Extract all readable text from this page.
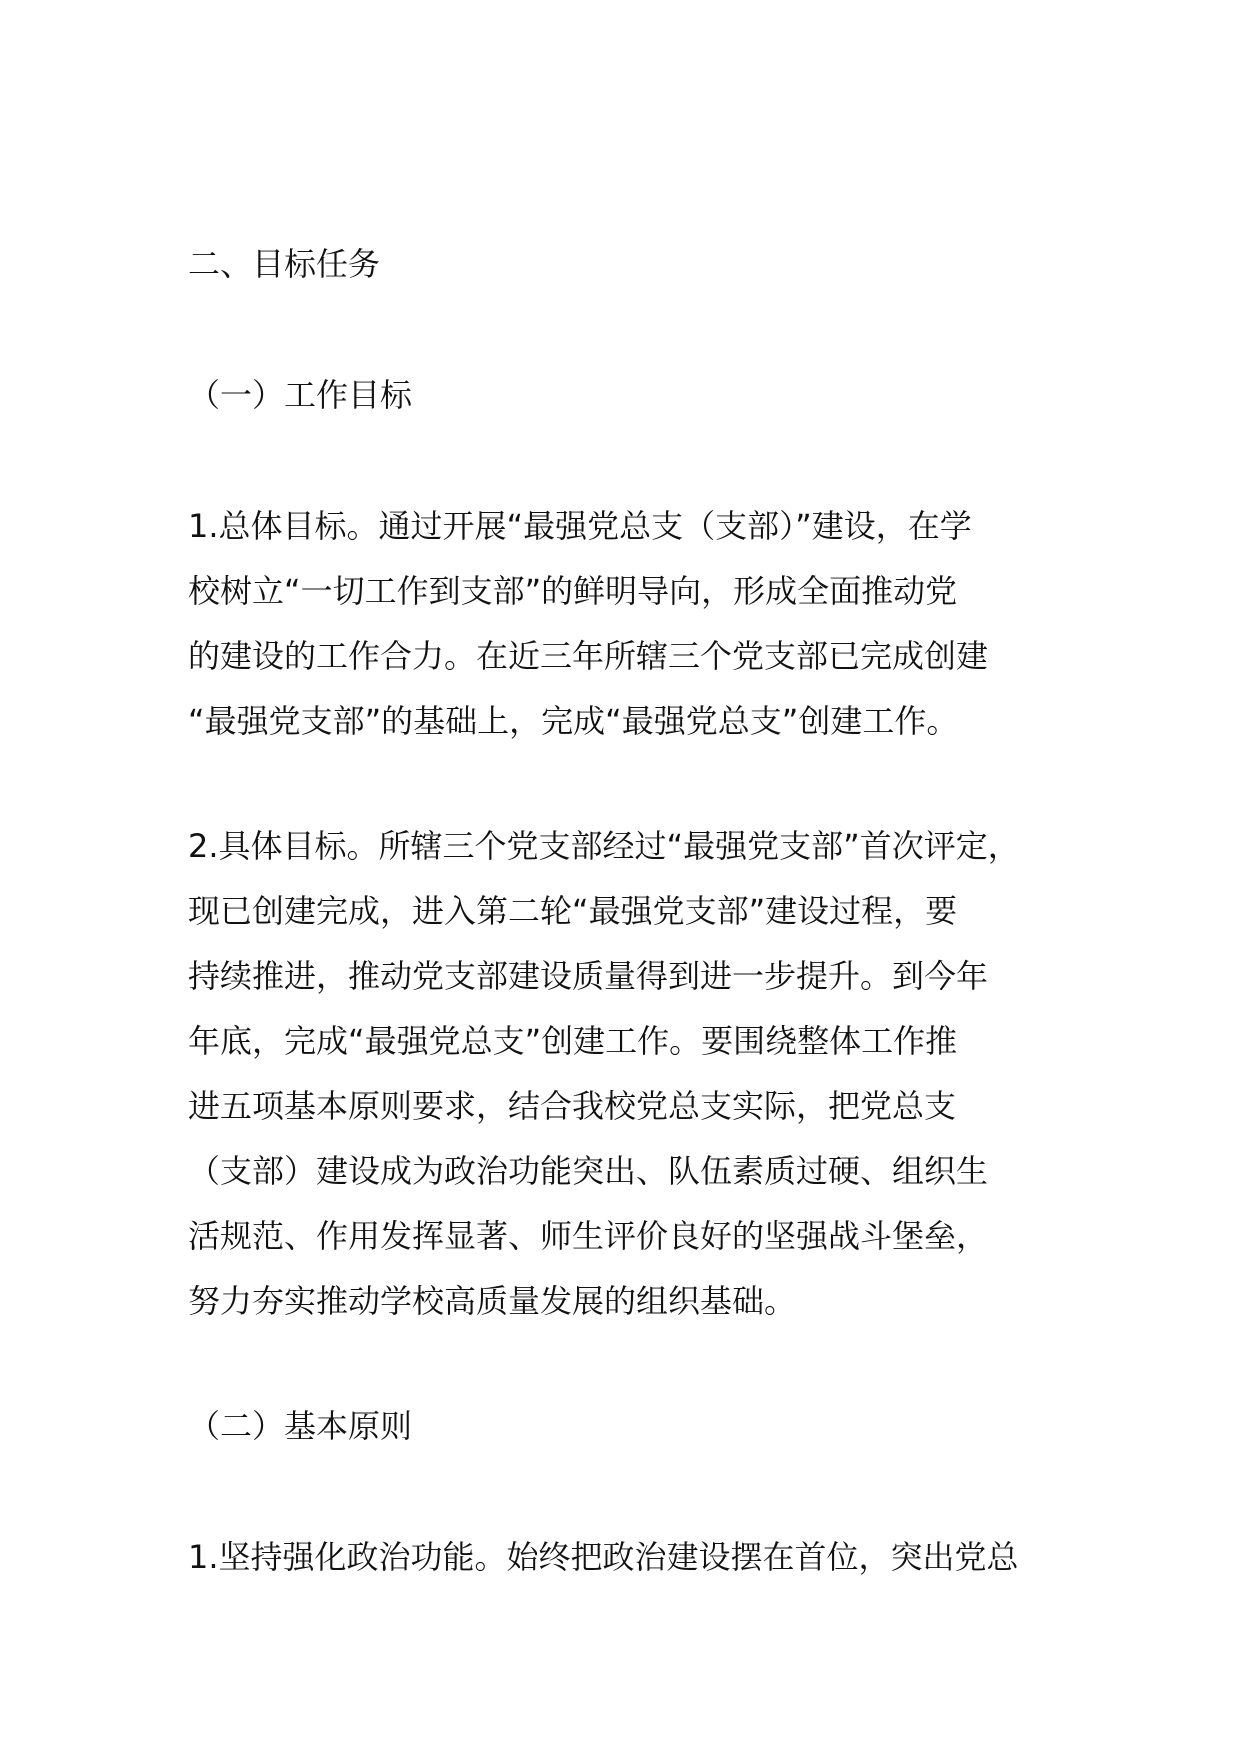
二、目标任务

（一）工作目标

1.总体目标。通过开展“最强党总支（支部）”建设，在学
校树立“一切工作到支部”的鲜明导向，形成全面推动党
的建设的工作合力。在近三年所辖三个党支部已完成创建
“最强党支部”的基础上，完成“最强党总支”创建工作。

2.具体目标。所辖三个党支部经过“最强党支部”首次评定，
现已创建完成，进入第二轮“最强党支部”建设过程，要
持续推进，推动党支部建设质量得到进一步提升。到今年
年底，完成“最强党总支”创建工作。要围绕整体工作推
进五项基本原则要求，结合我校党总支实际，把党总支
（支部）建设成为政治功能突出、队伍素质过硬、组织生
活规范、作用发挥显著、师生评价良好的坚强战斗堡垒，
努力夯实推动学校高质量发展的组织基础。

（二）基本原则

1.坚持强化政治功能。始终把政治建设摆在首位，突出党总
